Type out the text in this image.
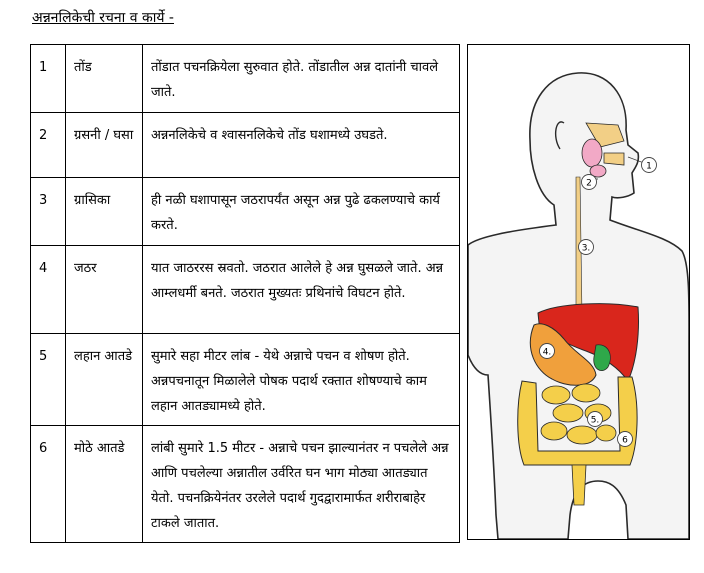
अन्ननलिकेची रचना व कार्ये -
1	तोंड	तोंडात पचनक्रियेला सुरुवात होते. तोंडातील अन्न दातांनी चावले जाते.
2	ग्रसनी / घसा	अन्ननलिकेचे व श्वासनलिकेचे तोंड घशामध्ये उघडते.
3	ग्रासिका	ही नळी घशापासून जठरापर्यंत असून अन्न पुढे ढकलण्याचे कार्य करते.
4	जठर	यात जाठररस स्रवतो. जठरात आलेले हे अन्न घुसळले जाते. अन्न आम्लधर्मी बनते. जठरात मुख्यतः प्रथिनांचे विघटन होते.
5	लहान आतडे	सुमारे सहा मीटर लांब - येथे अन्नाचे पचन व शोषण होते. अन्नपचनातून मिळालेले पोषक पदार्थ रक्तात शोषण्याचे काम लहान आतड्यामध्ये होते.
6	मोठे आतडे	लांबी सुमारे 1.5 मीटर - अन्नाचे पचन झाल्यानंतर न पचलेले अन्न आणि पचलेल्या अन्नातील उर्वरित घन भाग मोठ्या आतड्यात येतो. पचनक्रियेनंतर उरलेले पदार्थ गुदद्वारामार्फत शरीराबाहेर टाकले जातात.
1
2
3.
4.
5.
6
